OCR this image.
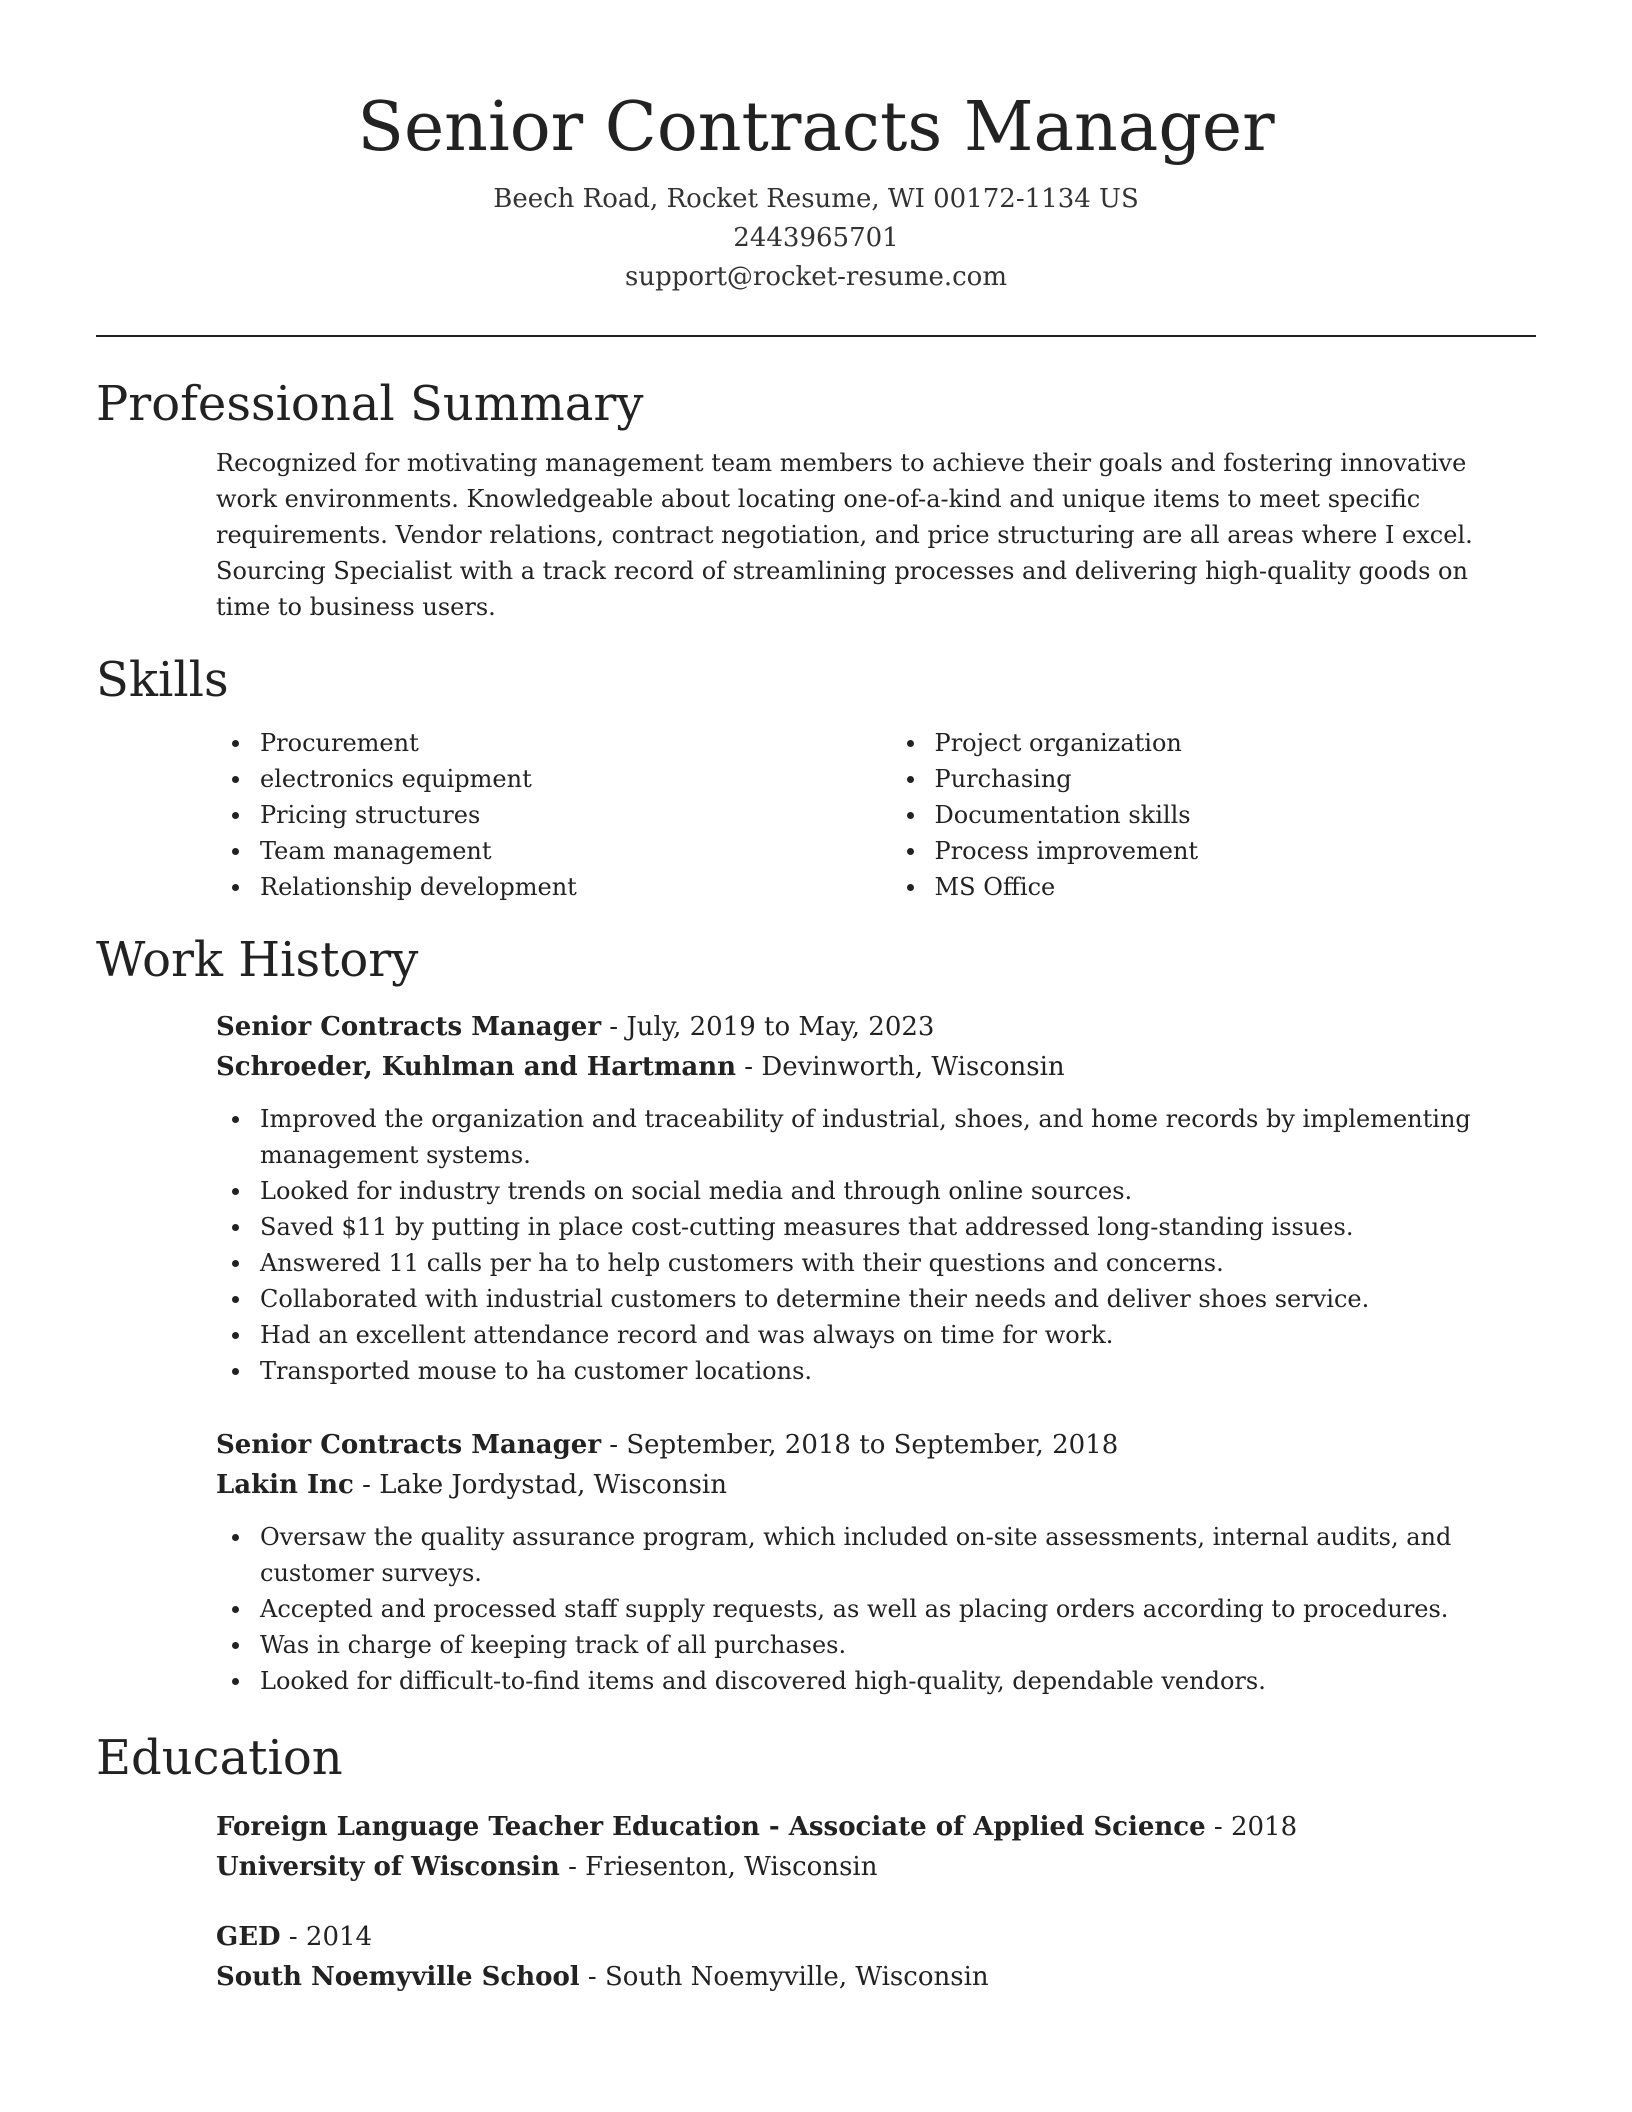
Senior Contracts Manager
Beech Road, Rocket Resume, WI 00172-1134 US
2443965701
support@rocket-resume.com
Professional Summary

Recognized for motivating management team members to achieve their goals and fostering innovative work environments. Knowledgeable about locating one-of-a-kind and unique items to meet specific requirements. Vendor relations, contract negotiation, and price structuring are all areas where I excel. Sourcing Specialist with a track record of streamlining processes and delivering high-quality goods on time to business users.

Skills
Procurement
electronics equipment
Pricing structures
Team management
Relationship development
Project organization
Purchasing
Documentation skills
Process improvement
MS Office
Work History
Senior Contracts Manager - July, 2019 to May, 2023
Schroeder, Kuhlman and Hartmann - Devinworth, Wisconsin
Improved the organization and traceability of industrial, shoes, and home records by implementing management systems.
Looked for industry trends on social media and through online sources.
Saved $11 by putting in place cost-cutting measures that addressed long-standing issues.
Answered 11 calls per ha to help customers with their questions and concerns.
Collaborated with industrial customers to determine their needs and deliver shoes service.
Had an excellent attendance record and was always on time for work.
Transported mouse to ha customer locations.
Senior Contracts Manager - September, 2018 to September, 2018
Lakin Inc - Lake Jordystad, Wisconsin
Oversaw the quality assurance program, which included on-site assessments, internal audits, and customer surveys.
Accepted and processed staff supply requests, as well as placing orders according to procedures.
Was in charge of keeping track of all purchases.
Looked for difficult-to-find items and discovered high-quality, dependable vendors.
Education
Foreign Language Teacher Education - Associate of Applied Science - 2018
University of Wisconsin - Friesenton, Wisconsin
GED - 2014
South Noemyville School - South Noemyville, Wisconsin
